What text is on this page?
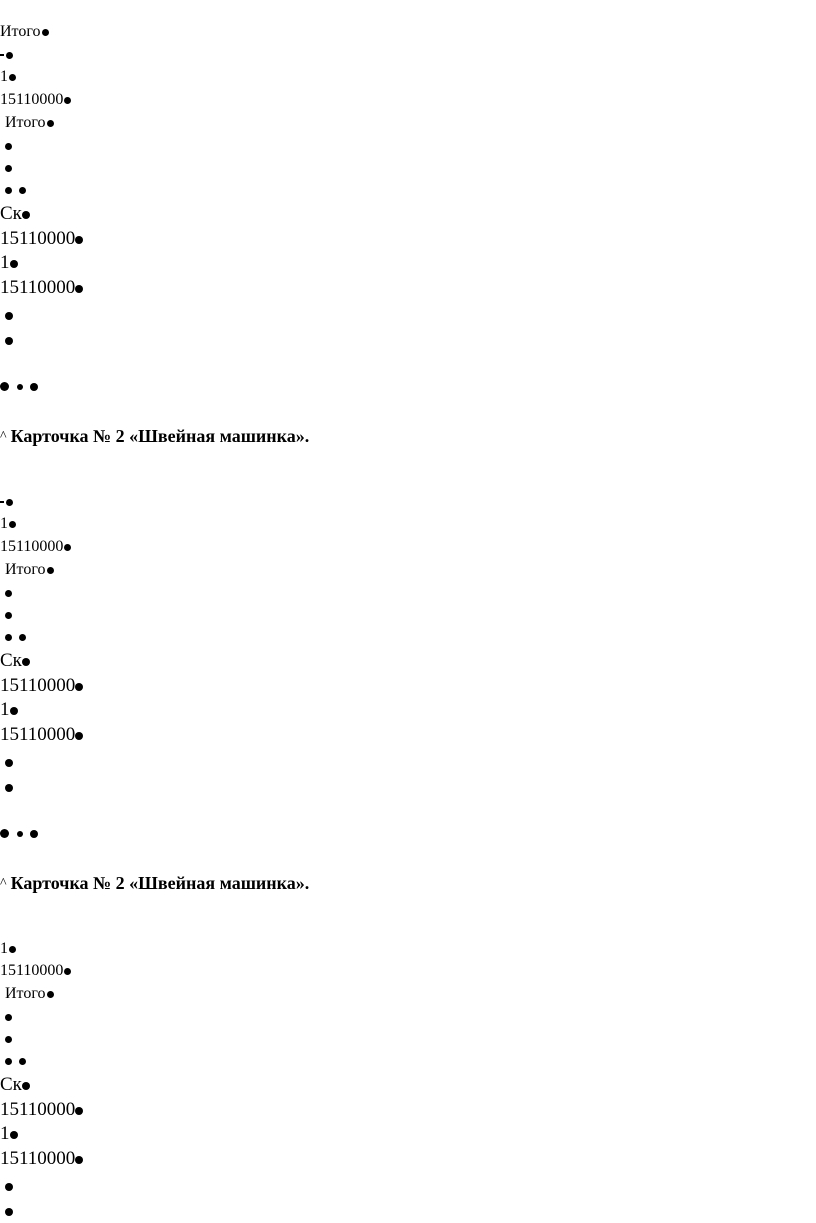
Итого
1
15110000
Итого
Ск
15110000
1
15110000
^ Карточка № 2 «Швейная машинка».
1
15110000
Итого
Ск
15110000
1
15110000
^ Карточка № 2 «Швейная машинка».
1
15110000
Итого
Ск
15110000
1
15110000
